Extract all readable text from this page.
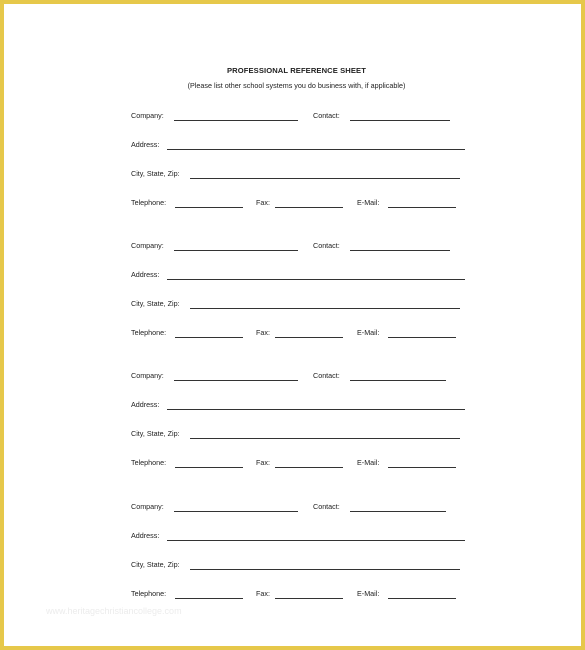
PROFESSIONAL REFERENCE SHEET
(Please list other school systems you do business with, if applicable)
Company:	Contact:
Address:
City, State, Zip:
Telephone:	Fax:	E-Mail:
Company:	Contact:
Address:
City, State, Zip:
Telephone:	Fax:	E-Mail:
Company:	Contact:
Address:
City, State, Zip:
Telephone:	Fax:	E-Mail:
Company:	Contact:
Address:
City, State, Zip:
Telephone:	Fax:	E-Mail:
www.heritagechristiancollege.com
